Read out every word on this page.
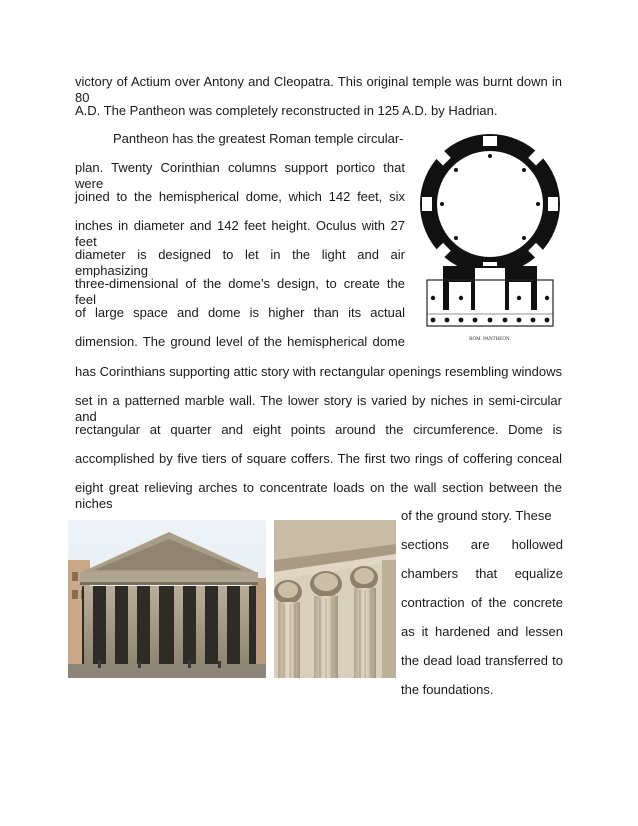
victory of Actium over Antony and Cleopatra. This original temple was burnt down in 80
A.D. The Pantheon was completely reconstructed in 125 A.D. by Hadrian.
Pantheon has the greatest Roman temple circular-
plan. Twenty Corinthian columns support portico that were
joined to the hemispherical dome, which 142 feet, six
inches in diameter and 142 feet height. Oculus with 27 feet
diameter is designed to let in the light and air emphasizing
three-dimensional of the dome’s design, to create the feel
of large space and dome is higher than its actual
dimension. The ground level of the hemispherical dome	ROM. PANTHEON.
has Corinthians supporting attic story with rectangular openings resembling windows
set in a patterned marble wall. The lower story is varied by niches in semi-circular and
rectangular at quarter and eight points around the circumference. Dome is
accomplished by five tiers of square coffers. The first two rings of coffering conceal
eight great relieving arches to concentrate loads on the wall section between the niches
of the ground story. These
sections are hollowed
chambers that equalize
contraction of the concrete
as it hardened and lessen
the dead load transferred to
the foundations.
